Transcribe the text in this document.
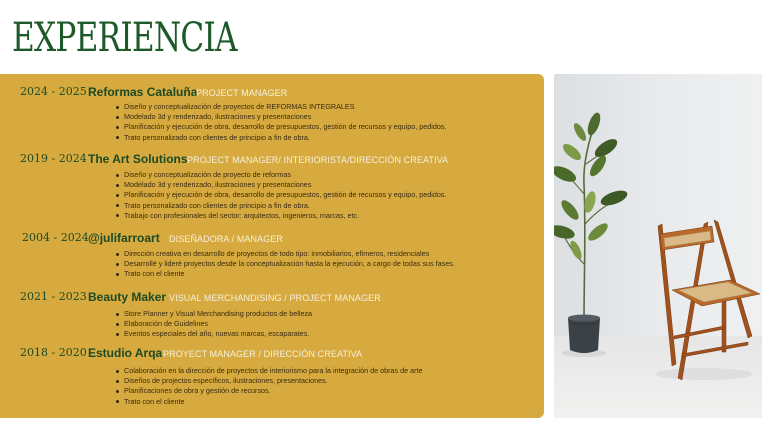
EXPERIENCIA
2024 - 2025 Reformas Cataluña
PROJECT MANAGER
Diseño y conceptualización de proyectos de REFORMAS INTEGRALES
Modelado 3d y renderizado, ilustraciones y presentaciones
Planificación y ejecución de obra, desarrollo de presupuestos, gestión de recursos y equipo, pedidos.
Trato personalizado con clientes de principio a fin de obra.
2019 - 2024 The Art Solutions PROJECT MANAGER/ INTERIORISTA/DIRECCIÓN CREATIVA
Diseño y conceptualización de proyecto de reformas
Modelado 3d y renderizado, ilustraciones y presentaciones
Planificación y ejecución de obra, desarrollo de presupuestos, gestión de recursos y equipo, pedidos.
Trato personalizado con clientes de principio a fin de obra.
Trabajo con profesionales del sector: arquitectos, ingenieros, marcas, etc.
2004 - 2024 @julifarroart DISEÑADORA / MANAGER
Dirección creativa en desarrollo de proyectos de todo tipo: inmobiliarios, efímeros, residenciales
Desarrollé y lideré proyectos desde la conceptualización hasta la ejecución, a cargo de todas sus fases.
Trato con el cliente
2021 - 2023 Beauty Maker VISUAL MERCHANDISING / PROJECT MANAGER
Store Planner y Visual Merchandising productos de belleza
Elaboración de Guidelines
Eventos especiales del año, nuevas marcas, escaparates.
2018 - 2020 Estudio Arqa PROYECT MANAGER / DIRECCIÓN CREATIVA
Colaboración en la dirección de proyectos de interiorismo para la integración de obras de arte
Diseños de projectos específicos, ilustraciones, presentaciones.
Planificaciones de obra y gestión de recursos.
Trato con el cliente
